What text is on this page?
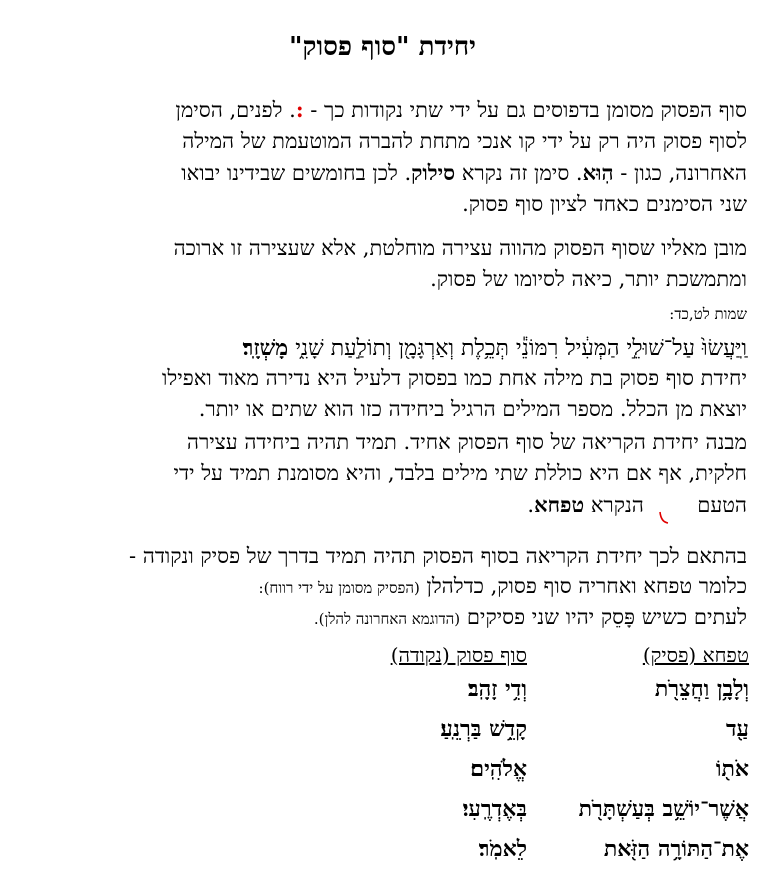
יחידת "סוף פסוק"
סוף הפסוק מסומן בדפוסים גם על ידי שתי נקודות כך - :. לפנים, הסימן
לסוף פסוק היה רק על ידי קו אנכי מתחת להברה המוטעמת של המילה
האחרונה, כגון - הֽוּא. סימן זה נקרא סילוק. לכן בחומשים שבידינו יבואו
שני הסימנים כאחד לציון סוף פסוק.
מובן מאליו שסוף הפסוק מהווה עצירה מוחלטת, אלא שעצירה זו ארוכה
ומתמשכת יותר, כיאה לסיומו של פסוק.
שמות לט,כד:
וַֽיַּעֲשׂוּ֙ עַל־שׁוּלֵ֣י הַמְּעִ֔יל רִמּוֹנֵ֕י תְּכֵ֥לֶת וְאַרְגָּמָ֖ן וְתוֹלַ֣עַת שָׁנִ֑י מָשְׁזָֽר׃
יחידת סוף פסוק בת מילה אחת כמו בפסוק דלעיל היא נדירה מאוד ואפילו
יוצאת מן הכלל. מספר המילים הרגיל ביחידה כזו הוא שתים או יותר.
מבנה יחידת הקריאה של סוף הפסוק אחיד. תמיד תהיה ביחידה עצירה
חלקית, אף אם היא כוללת שתי מילים בלבד, והיא מסומנת תמיד על ידי
הטעם  הנקרא טפחא.
בהתאם לכך יחידת הקריאה בסוף הפסוק תהיה תמיד בדרך של פסיק ונקודה -
כלומר טפחא ואחריה סוף פסוק, כדלהלן (הפסיק מסומן על ידי רווח):
לעתים כשיש פָּסֵק יהיו שני פסיקים (הדוגמא האחרונה להלן).
טפחא (פסיק)
סוף פסוק (נקודה)
וְלָבָ֥ן וַחֲצֵרֹ֖ת
וְדִ֥י זָהָֽב׃
עַ֖ד
קָדֵ֥שׁ בַּרְנֵֽעַ׃
אֹת֖וֹ
אֱלֹהִֽים׃
אֲשֶׁר־יוֹשֵׁ֥ב בְּעַשְׁתָּרֹ֖ת
בְּאֶדְרֶֽעִי׃
אֶת־הַתּוֹרָ֥ה הַזֹּ֖את
לֵאמֹֽר׃
